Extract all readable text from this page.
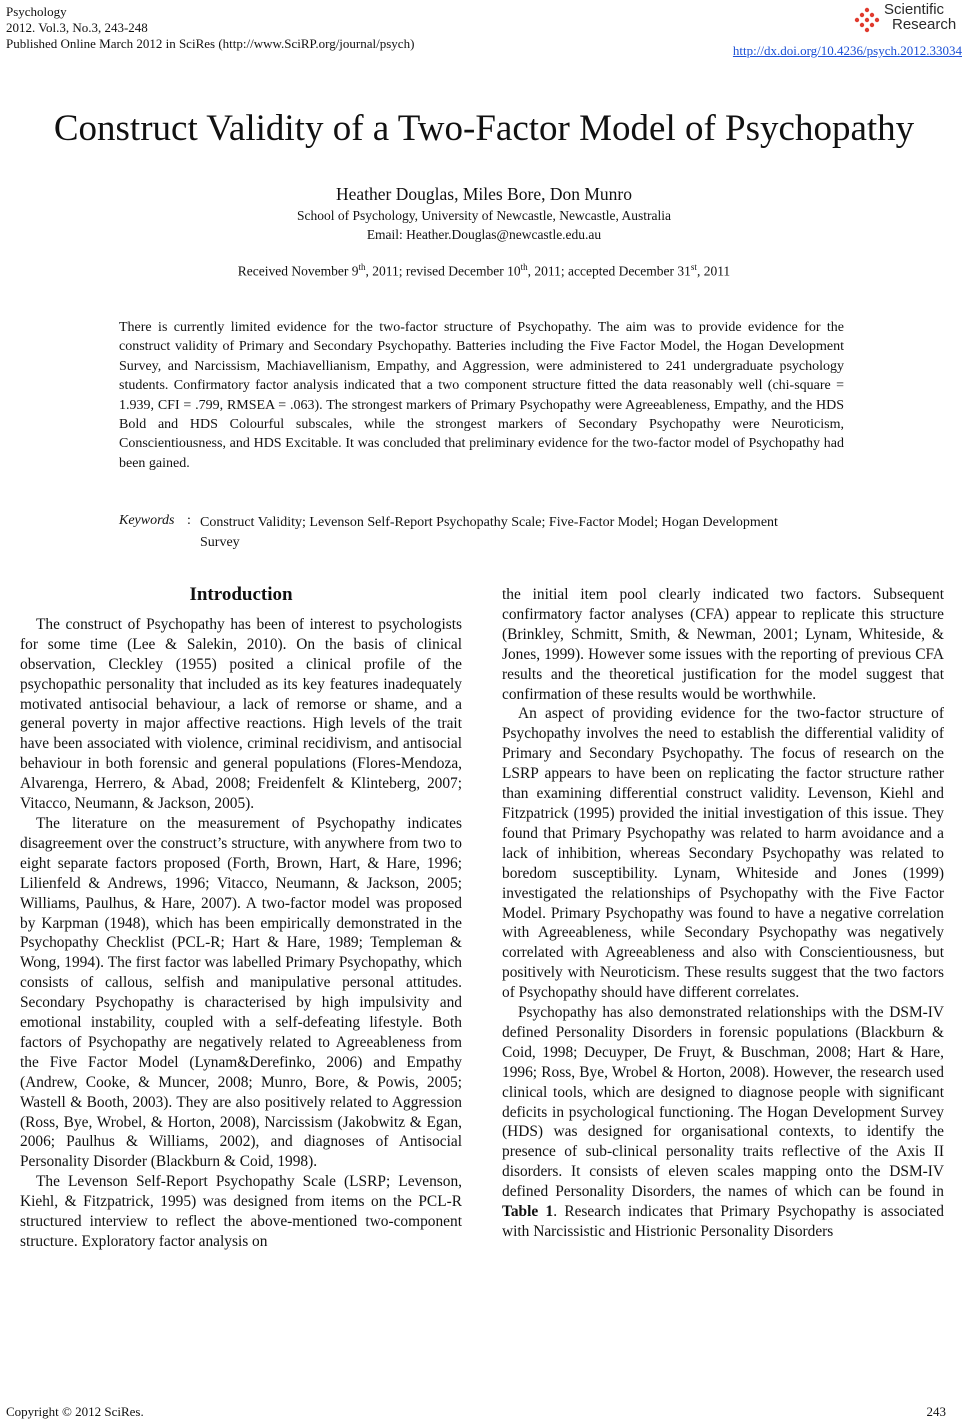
Psychology
2012. Vol.3, No.3, 243-248
Published Online March 2012 in SciRes (http://www.SciRP.org/journal/psych)
Scientific
Research
http://dx.doi.org/10.4236/psych.2012.33034
Construct Validity of a Two-Factor Model of Psychopathy
Heather Douglas, Miles Bore, Don Munro
School of Psychology, University of Newcastle, Newcastle, Australia
Email: Heather.Douglas@newcastle.edu.au
Received November 9th, 2011; revised December 10th, 2011; accepted December 31st, 2011
There is currently limited evidence for the two-factor structure of Psychopathy. The aim was to provide evidence for the construct validity of Primary and Secondary Psychopathy. Batteries including the Five Factor Model, the Hogan Development Survey, and Narcissism, Machiavellianism, Empathy, and Aggression, were administered to 241 undergraduate psychology students. Confirmatory factor analysis indicated that a two component structure fitted the data reasonably well (chi-square = 1.939, CFI = .799, RMSEA = .063). The strongest markers of Primary Psychopathy were Agreeableness, Empathy, and the HDS Bold and HDS Colourful subscales, while the strongest markers of Secondary Psychopathy were Neuroticism, Conscientiousness, and HDS Excitable. It was concluded that preliminary evidence for the two-factor model of Psychopathy had been gained.
Keywords : Construct Validity; Levenson Self-Report Psychopathy Scale; Five-Factor Model; Hogan Development Survey
Introduction

The construct of Psychopathy has been of interest to psychologists for some time (Lee & Salekin, 2010). On the basis of clinical observation, Cleckley (1955) posited a clinical profile of the psychopathic personality that included as its key features inadequately motivated antisocial behaviour, a lack of remorse or shame, and a general poverty in major affective reactions. High levels of the trait have been associated with violence, criminal recidivism, and antisocial behaviour in both forensic and general populations (Flores-Mendoza, Alvarenga, Herrero, & Abad, 2008; Freidenfelt & Klinteberg, 2007; Vitacco, Neumann, & Jackson, 2005).

The literature on the measurement of Psychopathy indicates disagreement over the construct’s structure, with anywhere from two to eight separate factors proposed (Forth, Brown, Hart, & Hare, 1996; Lilienfeld & Andrews, 1996; Vitacco, Neumann, & Jackson, 2005; Williams, Paulhus, & Hare, 2007). A two-factor model was proposed by Karpman (1948), which has been empirically demonstrated in the Psychopathy Checklist (PCL-R; Hart & Hare, 1989; Templeman & Wong, 1994). The first factor was labelled Primary Psychopathy, which consists of callous, selfish and manipulative personal attitudes. Secondary Psychopathy is characterised by high impulsivity and emotional instability, coupled with a self-defeating lifestyle. Both factors of Psychopathy are negatively related to Agreeableness from the Five Factor Model (Lynam&Derefinko, 2006) and Empathy (Andrew, Cooke, & Muncer, 2008; Munro, Bore, & Powis, 2005; Wastell & Booth, 2003). They are also positively related to Aggression (Ross, Bye, Wrobel, & Horton, 2008), Narcissism (Jakobwitz & Egan, 2006; Paulhus & Williams, 2002), and diagnoses of Antisocial Personality Disorder (Blackburn & Coid, 1998).

The Levenson Self-Report Psychopathy Scale (LSRP; Levenson, Kiehl, & Fitzpatrick, 1995) was designed from items on the PCL-R structured interview to reflect the above-mentioned two-component structure. Exploratory factor analysis on

the initial item pool clearly indicated two factors. Subsequent confirmatory factor analyses (CFA) appear to replicate this structure (Brinkley, Schmitt, Smith, & Newman, 2001; Lynam, Whiteside, & Jones, 1999). However some issues with the reporting of previous CFA results and the theoretical justification for the model suggest that confirmation of these results would be worthwhile.

An aspect of providing evidence for the two-factor structure of Psychopathy involves the need to establish the differential validity of Primary and Secondary Psychopathy. The focus of research on the LSRP appears to have been on replicating the factor structure rather than examining differential construct validity. Levenson, Kiehl and Fitzpatrick (1995) provided the initial investigation of this issue. They found that Primary Psychopathy was related to harm avoidance and a lack of inhibition, whereas Secondary Psychopathy was related to boredom susceptibility. Lynam, Whiteside and Jones (1999) investigated the relationships of Psychopathy with the Five Factor Model. Primary Psychopathy was found to have a negative correlation with Agreeableness, while Secondary Psychopathy was negatively correlated with Agreeableness and also with Conscientiousness, but positively with Neuroticism. These results suggest that the two factors of Psychopathy should have different correlates.

Psychopathy has also demonstrated relationships with the DSM-IV defined Personality Disorders in forensic populations (Blackburn & Coid, 1998; Decuyper, De Fruyt, & Buschman, 2008; Hart & Hare, 1996; Ross, Bye, Wrobel & Horton, 2008). However, the research used clinical tools, which are designed to diagnose people with significant deficits in psychological functioning. The Hogan Development Survey (HDS) was designed for organisational contexts, to identify the presence of sub-clinical personality traits reflective of the Axis II disorders. It consists of eleven scales mapping onto the DSM-IV defined Personality Disorders, the names of which can be found in Table 1. Research indicates that Primary Psychopathy is associated with Narcissistic and Histrionic Personality Disorders

Copyright © 2012 SciRes.	243
